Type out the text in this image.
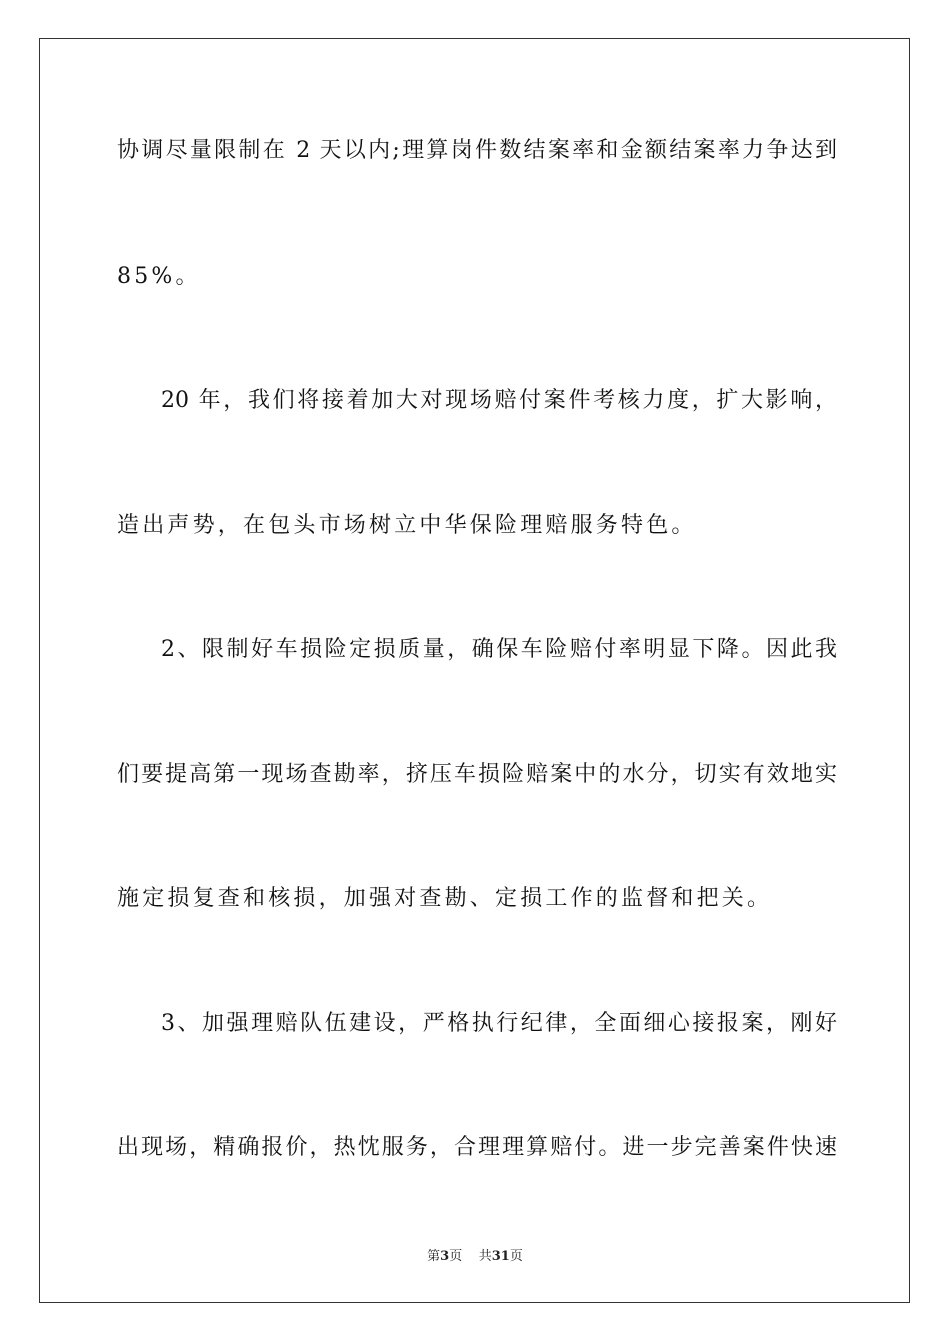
协调尽量限制在 2 天以内;理算岗件数结案率和金额结案率力争达到
85%。
20 年，我们将接着加大对现场赔付案件考核力度，扩大影响，
造出声势，在包头市场树立中华保险理赔服务特色。
2、限制好车损险定损质量，确保车险赔付率明显下降。因此我
们要提高第一现场查勘率，挤压车损险赔案中的水分，切实有效地实
施定损复查和核损，加强对查勘、定损工作的监督和把关。
3、加强理赔队伍建设，严格执行纪律，全面细心接报案，刚好
出现场，精确报价，热忱服务，合理理算赔付。进一步完善案件快速
第3页 共31页
